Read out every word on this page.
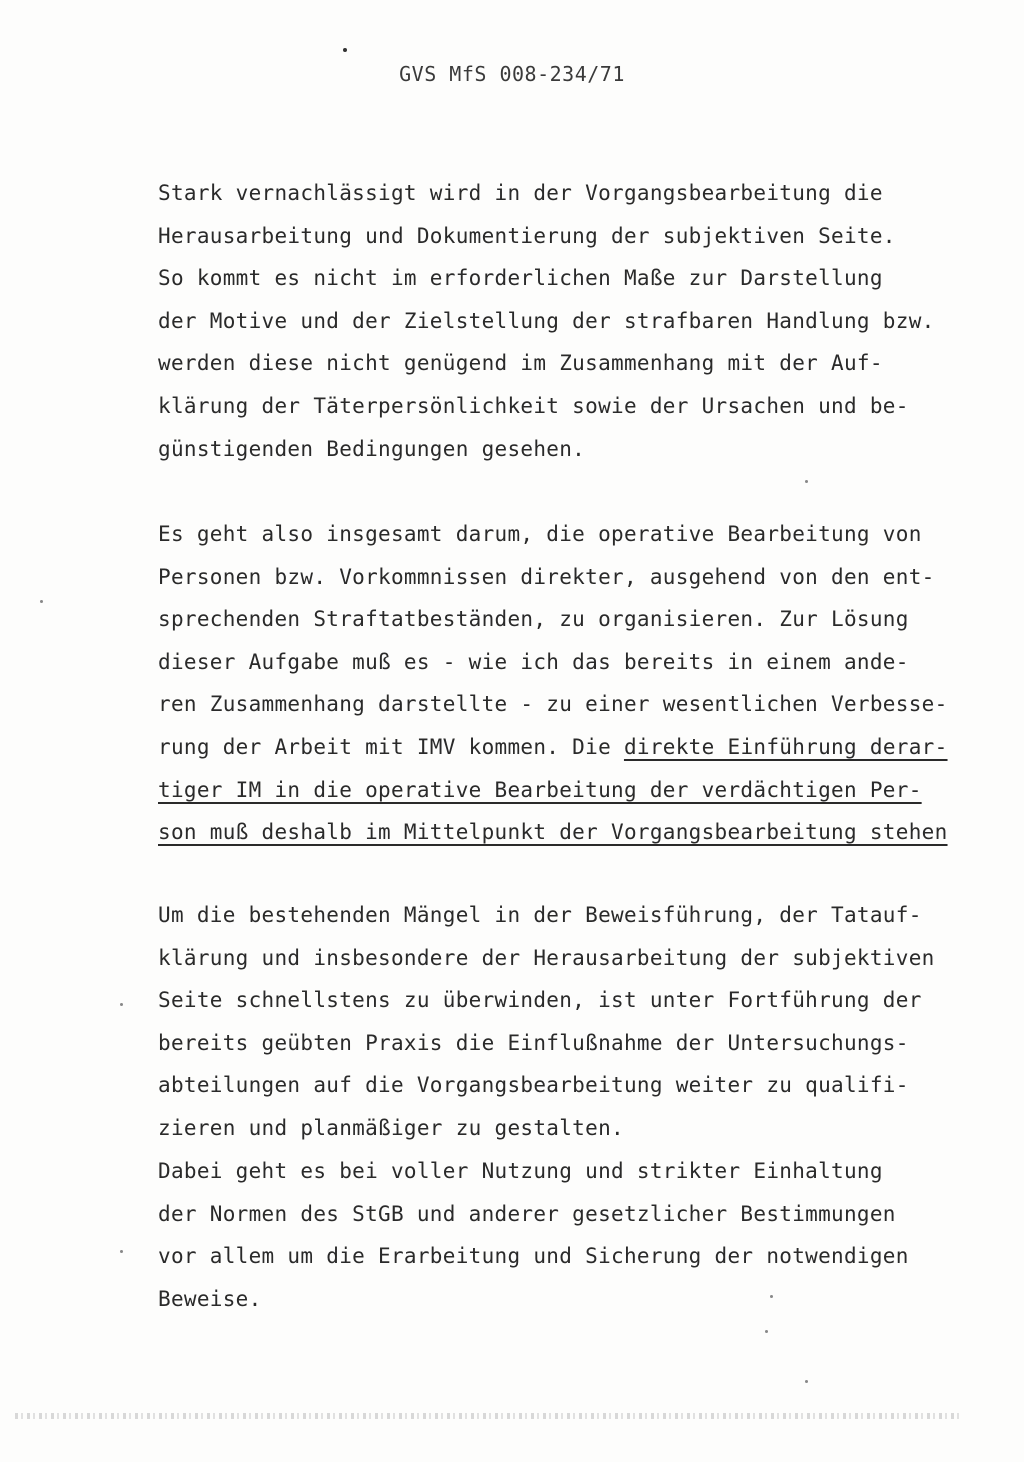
GVS MfS 008-234/71
Stark vernachlässigt wird in der Vorgangsbearbeitung die
Herausarbeitung und Dokumentierung der subjektiven Seite.
So kommt es nicht im erforderlichen Maße zur Darstellung
der Motive und der Zielstellung der strafbaren Handlung bzw.
werden diese nicht genügend im Zusammenhang mit der Auf-
klärung der Täterpersönlichkeit sowie der Ursachen und be-
günstigenden Bedingungen gesehen.
Es geht also insgesamt darum, die operative Bearbeitung von
Personen bzw. Vorkommnissen direkter, ausgehend von den ent-
sprechenden Straftatbeständen, zu organisieren. Zur Lösung
dieser Aufgabe muß es - wie ich das bereits in einem ande-
ren Zusammenhang darstellte - zu einer wesentlichen Verbesse-
rung der Arbeit mit IMV kommen. Die direkte Einführung derar-
tiger IM in die operative Bearbeitung der verdächtigen Per-
son muß deshalb im Mittelpunkt der Vorgangsbearbeitung stehen
Um die bestehenden Mängel in der Beweisführung, der Tatauf-
klärung und insbesondere der Herausarbeitung der subjektiven
Seite schnellstens zu überwinden, ist unter Fortführung der
bereits geübten Praxis die Einflußnahme der Untersuchungs-
abteilungen auf die Vorgangsbearbeitung weiter zu qualifi-
zieren und planmäßiger zu gestalten.
Dabei geht es bei voller Nutzung und strikter Einhaltung
der Normen des StGB und anderer gesetzlicher Bestimmungen
vor allem um die Erarbeitung und Sicherung der notwendigen
Beweise.
